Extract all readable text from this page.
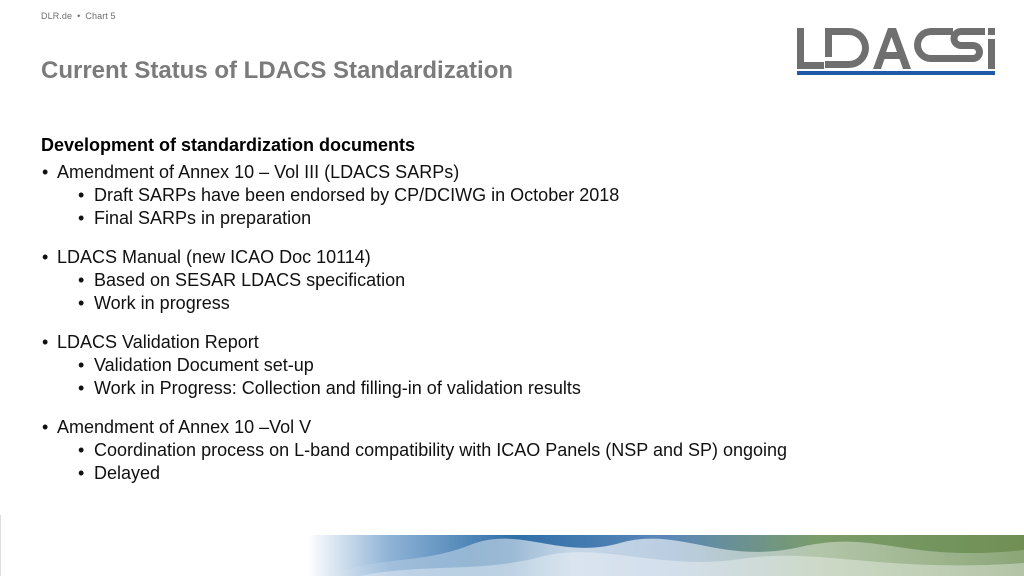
DLR.de • Chart 5
Current Status of LDACS Standardization
Development of standardization documents
• Amendment of Annex 10 – Vol III (LDACS SARPs)
• Draft SARPs have been endorsed by CP/DCIWG in October 2018
• Final SARPs in preparation
• LDACS Manual (new ICAO Doc 10114)
• Based on SESAR LDACS specification
• Work in progress
• LDACS Validation Report
• Validation Document set-up
• Work in Progress: Collection and filling-in of validation results
• Amendment of Annex 10 –Vol V
• Coordination process on L-band compatibility with ICAO Panels (NSP and SP) ongoing
• Delayed
